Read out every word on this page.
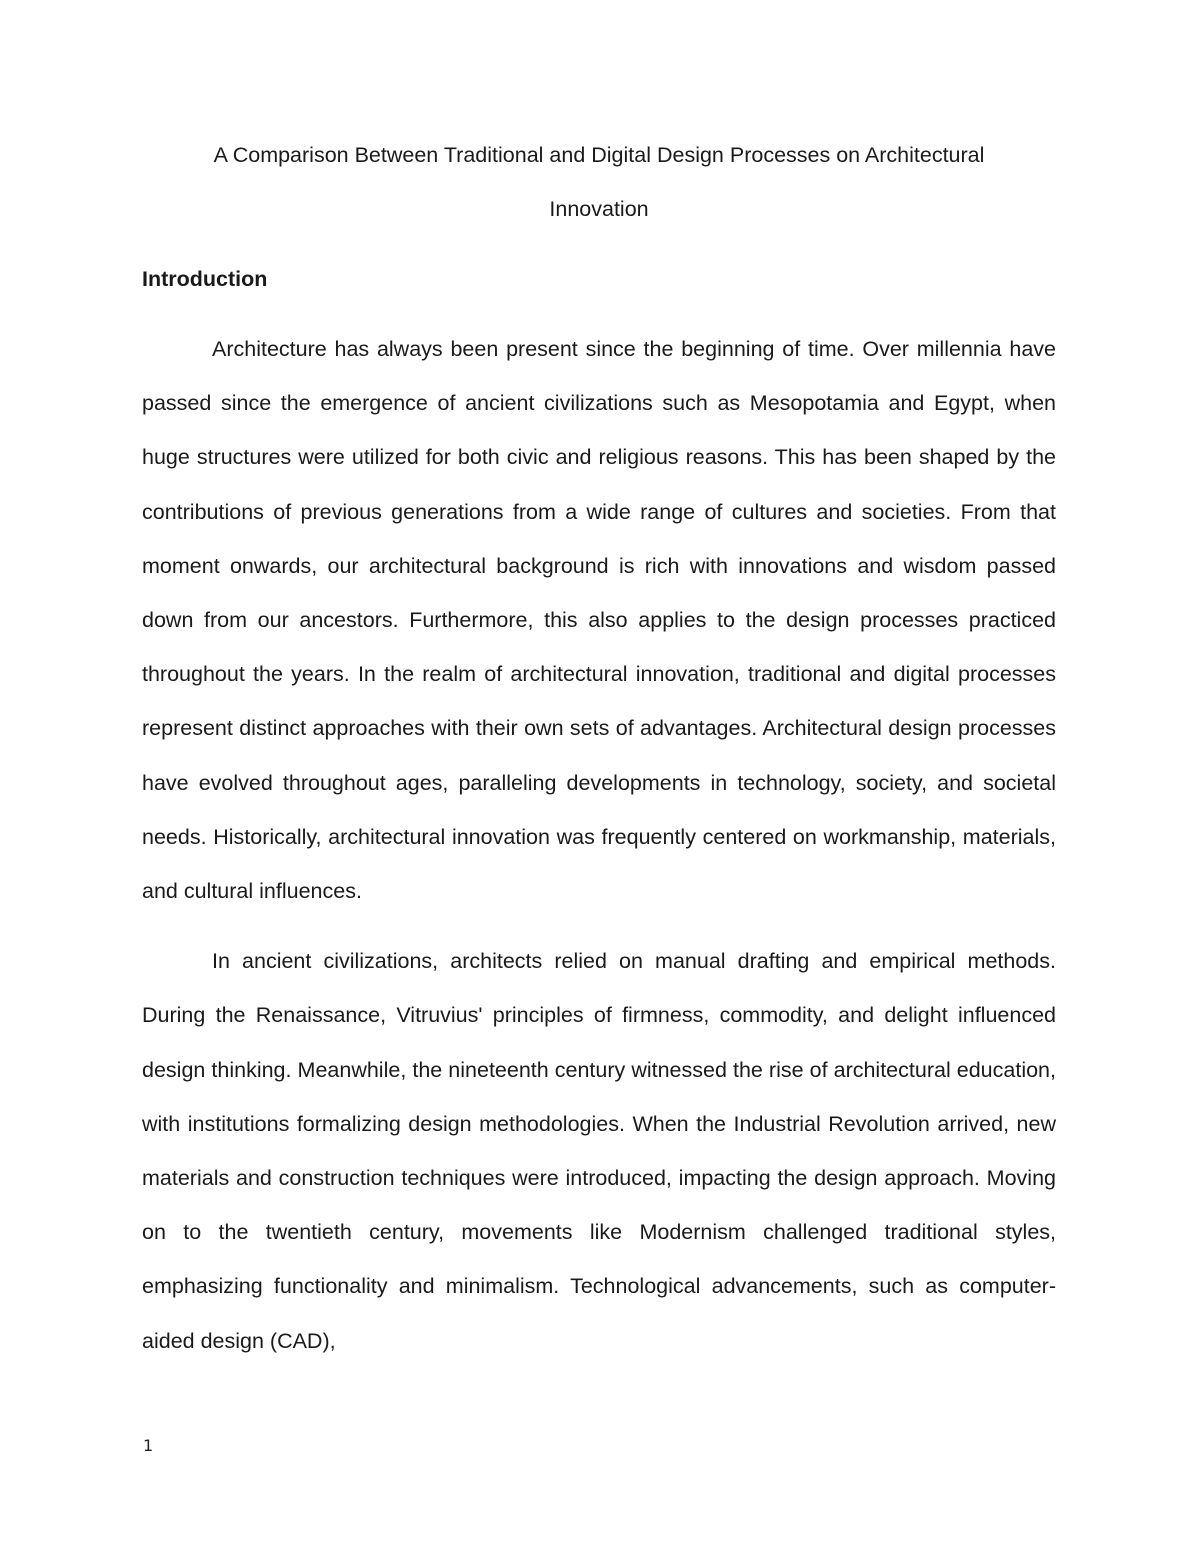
A Comparison Between Traditional and Digital Design Processes on Architectural
Innovation
Introduction

Architecture has always been present since the beginning of time. Over millennia have passed since the emergence of ancient civilizations such as Mesopotamia and Egypt, when huge structures were utilized for both civic and religious reasons. This has been shaped by the contributions of previous generations from a wide range of cultures and societies. From that moment onwards, our architectural background is rich with innovations and wisdom passed down from our ancestors. Furthermore, this also applies to the design processes practiced throughout the years. In the realm of architectural innovation, traditional and digital processes represent distinct approaches with their own sets of advantages. Architectural design processes have evolved throughout ages, paralleling developments in technology, society, and societal needs. Historically, architectural innovation was frequently centered on workmanship, materials, and cultural influences.

In ancient civilizations, architects relied on manual drafting and empirical methods. During the Renaissance, Vitruvius' principles of firmness, commodity, and delight influenced design thinking. Meanwhile, the nineteenth century witnessed the rise of architectural education, with institutions formalizing design methodologies. When the Industrial Revolution arrived, new materials and construction techniques were introduced, impacting the design approach. Moving on to the twentieth century, movements like Modernism challenged traditional styles, emphasizing functionality and minimalism. Technological advancements, such as computer-aided design (CAD),

1
